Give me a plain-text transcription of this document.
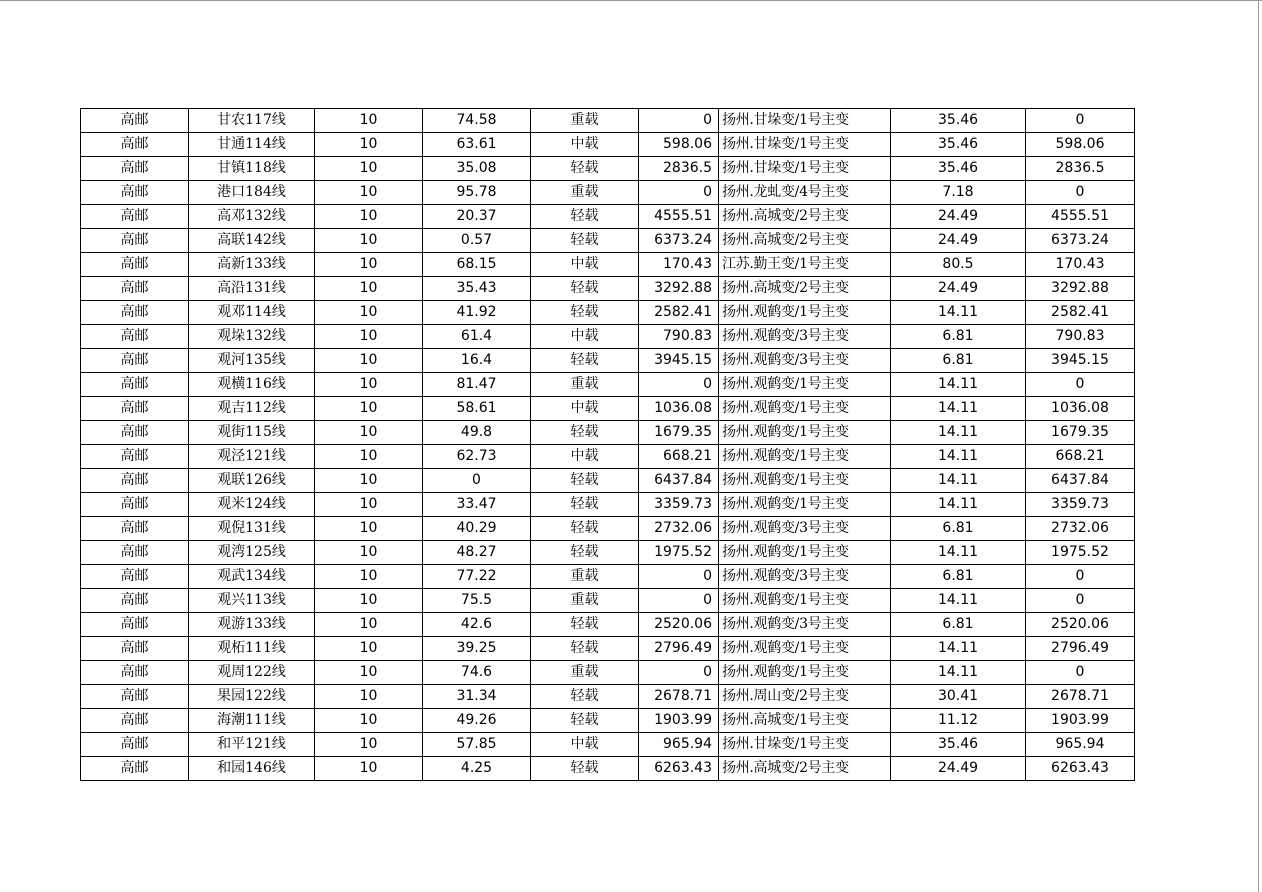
高邮	甘农117线	10	74.58	重载	0	扬州.甘垛变/1号主变	35.46	0
高邮	甘通114线	10	63.61	中载	598.06	扬州.甘垛变/1号主变	35.46	598.06
高邮	甘镇118线	10	35.08	轻载	2836.5	扬州.甘垛变/1号主变	35.46	2836.5
高邮	港口184线	10	95.78	重载	0	扬州.龙虬变/4号主变	7.18	0
高邮	高邓132线	10	20.37	轻载	4555.51	扬州.高城变/2号主变	24.49	4555.51
高邮	高联142线	10	0.57	轻载	6373.24	扬州.高城变/2号主变	24.49	6373.24
高邮	高新133线	10	68.15	中载	170.43	江苏.勤王变/1号主变	80.5	170.43
高邮	高沿131线	10	35.43	轻载	3292.88	扬州.高城变/2号主变	24.49	3292.88
高邮	观邓114线	10	41.92	轻载	2582.41	扬州.观鹤变/1号主变	14.11	2582.41
高邮	观垛132线	10	61.4	中载	790.83	扬州.观鹤变/3号主变	6.81	790.83
高邮	观河135线	10	16.4	轻载	3945.15	扬州.观鹤变/3号主变	6.81	3945.15
高邮	观横116线	10	81.47	重载	0	扬州.观鹤变/1号主变	14.11	0
高邮	观吉112线	10	58.61	中载	1036.08	扬州.观鹤变/1号主变	14.11	1036.08
高邮	观街115线	10	49.8	轻载	1679.35	扬州.观鹤变/1号主变	14.11	1679.35
高邮	观泾121线	10	62.73	中载	668.21	扬州.观鹤变/1号主变	14.11	668.21
高邮	观联126线	10	0	轻载	6437.84	扬州.观鹤变/1号主变	14.11	6437.84
高邮	观米124线	10	33.47	轻载	3359.73	扬州.观鹤变/1号主变	14.11	3359.73
高邮	观倪131线	10	40.29	轻载	2732.06	扬州.观鹤变/3号主变	6.81	2732.06
高邮	观湾125线	10	48.27	轻载	1975.52	扬州.观鹤变/1号主变	14.11	1975.52
高邮	观武134线	10	77.22	重载	0	扬州.观鹤变/3号主变	6.81	0
高邮	观兴113线	10	75.5	重载	0	扬州.观鹤变/1号主变	14.11	0
高邮	观游133线	10	42.6	轻载	2520.06	扬州.观鹤变/3号主变	6.81	2520.06
高邮	观柘111线	10	39.25	轻载	2796.49	扬州.观鹤变/1号主变	14.11	2796.49
高邮	观周122线	10	74.6	重载	0	扬州.观鹤变/1号主变	14.11	0
高邮	果园122线	10	31.34	轻载	2678.71	扬州.周山变/2号主变	30.41	2678.71
高邮	海潮111线	10	49.26	轻载	1903.99	扬州.高城变/1号主变	11.12	1903.99
高邮	和平121线	10	57.85	中载	965.94	扬州.甘垛变/1号主变	35.46	965.94
高邮	和园146线	10	4.25	轻载	6263.43	扬州.高城变/2号主变	24.49	6263.43
